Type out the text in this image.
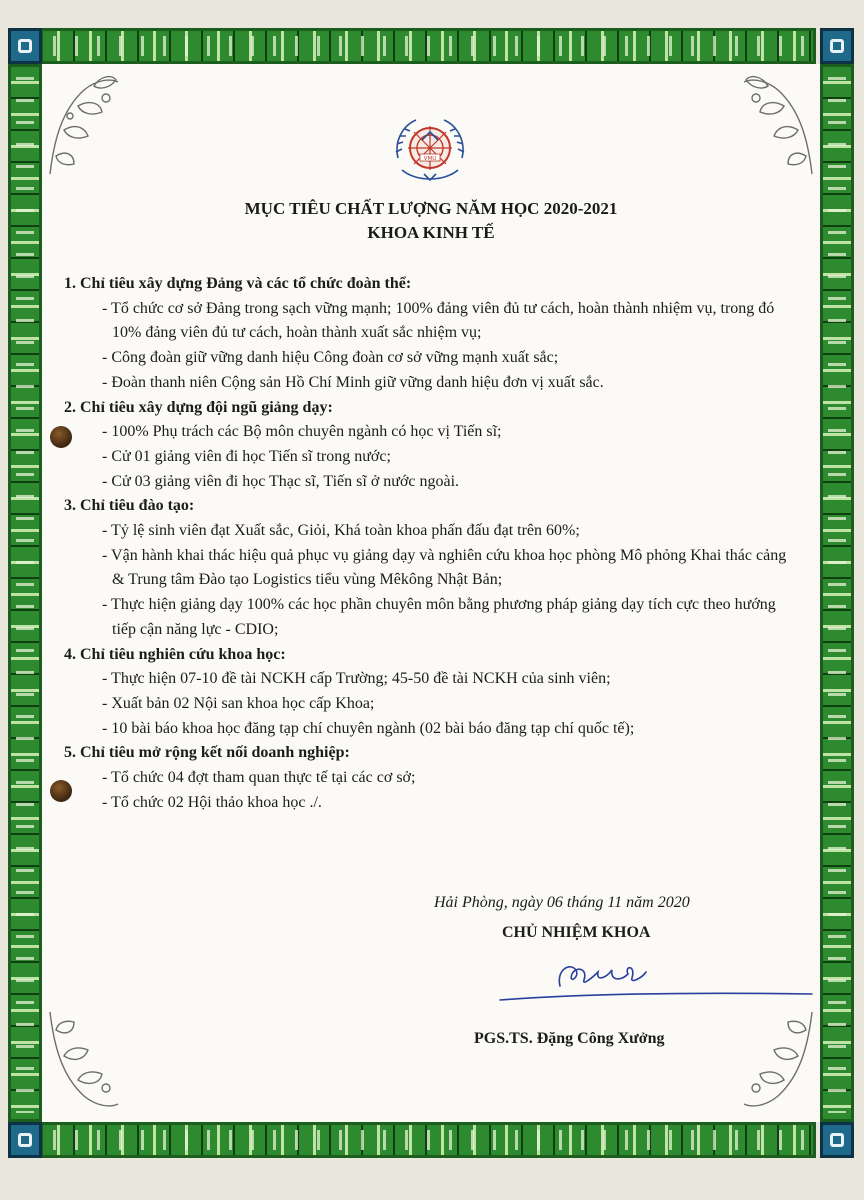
VMU
MỤC TIÊU CHẤT LƯỢNG NĂM HỌC 2020-2021
KHOA KINH TẾ

1. Chỉ tiêu xây dựng Đảng và các tổ chức đoàn thể:

- Tổ chức cơ sở Đảng trong sạch vững mạnh; 100% đảng viên đủ tư cách, hoàn thành nhiệm vụ, trong đó 10% đảng viên đủ tư cách, hoàn thành xuất sắc nhiệm vụ;

- Công đoàn giữ vững danh hiệu Công đoàn cơ sở vững mạnh xuất sắc;

- Đoàn thanh niên Cộng sản Hồ Chí Minh giữ vững danh hiệu đơn vị xuất sắc.

2. Chỉ tiêu xây dựng đội ngũ giảng dạy:

- 100% Phụ trách các Bộ môn chuyên ngành có học vị Tiến sĩ;

- Cử 01 giảng viên đi học Tiến sĩ trong nước;

- Cử 03 giảng viên đi học Thạc sĩ, Tiến sĩ ở nước ngoài.

3. Chỉ tiêu đào tạo:

- Tỷ lệ sinh viên đạt Xuất sắc, Giỏi, Khá toàn khoa phấn đấu đạt trên 60%;

- Vận hành khai thác hiệu quả phục vụ giảng dạy và nghiên cứu khoa học phòng Mô phỏng Khai thác cảng & Trung tâm Đào tạo Logistics tiểu vùng Mêkông Nhật Bản;

- Thực hiện giảng dạy 100% các học phần chuyên môn bằng phương pháp giảng dạy tích cực theo hướng tiếp cận năng lực - CDIO;

4. Chỉ tiêu nghiên cứu khoa học:

- Thực hiện 07-10 đề tài NCKH cấp Trường; 45-50 đề tài NCKH của sinh viên;

- Xuất bản 02 Nội san khoa học cấp Khoa;

- 10 bài báo khoa học đăng tạp chí chuyên ngành (02 bài báo đăng tạp chí quốc tế);

5. Chỉ tiêu mở rộng kết nối doanh nghiệp:

- Tổ chức 04 đợt tham quan thực tế tại các cơ sở;

- Tổ chức 02 Hội thảo khoa học ./.

Hải Phòng, ngày 06 tháng 11 năm 2020
CHỦ NHIỆM KHOA
PGS.TS. Đặng Công Xưởng
